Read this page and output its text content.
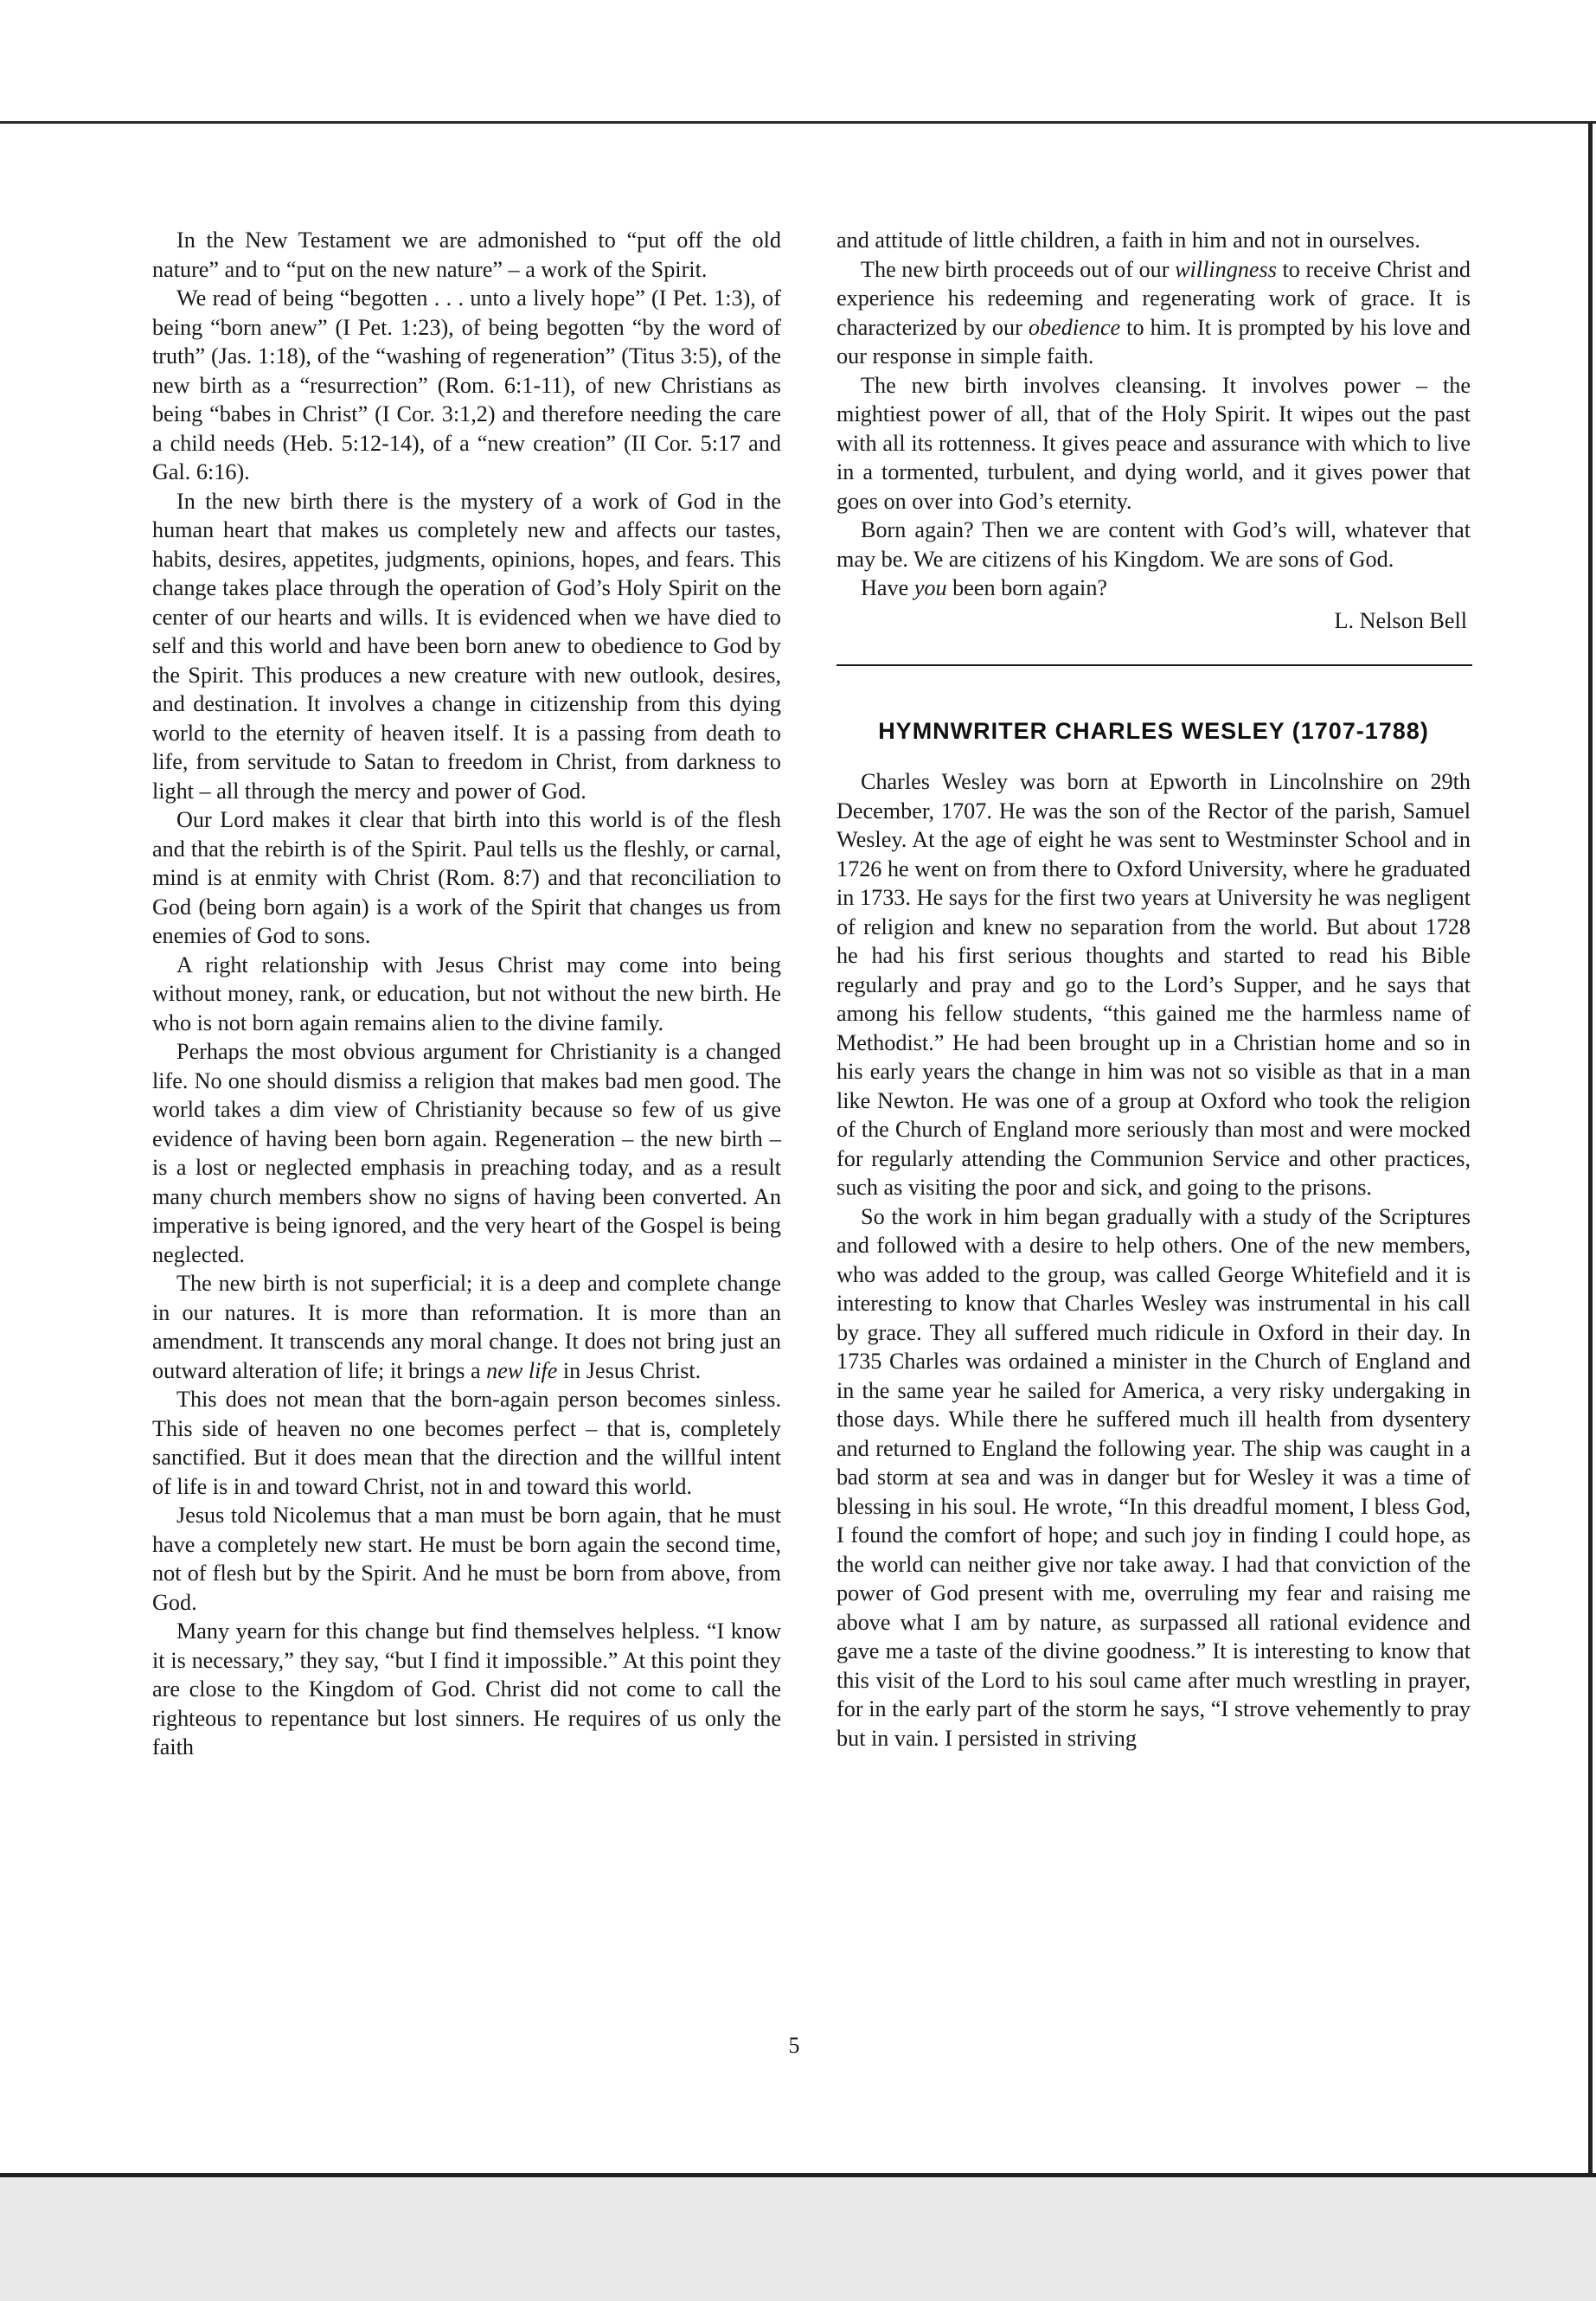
In the New Testament we are admonished to “put off the old nature” and to “put on the new nature” – a work of the Spirit.

We read of being “begotten . . . unto a lively hope” (I Pet. 1:3), of being “born anew” (I Pet. 1:23), of being begotten “by the word of truth” (Jas. 1:18), of the “washing of regeneration” (Titus 3:5), of the new birth as a “resurrection” (Rom. 6:1-11), of new Christians as being “babes in Christ” (I Cor. 3:1,2) and therefore needing the care a child needs (Heb. 5:12-14), of a “new creation” (II Cor. 5:17 and Gal. 6:16).

In the new birth there is the mystery of a work of God in the human heart that makes us completely new and affects our tastes, habits, desires, appetites, judgments, opinions, hopes, and fears. This change takes place through the operation of God’s Holy Spirit on the center of our hearts and wills. It is evidenced when we have died to self and this world and have been born anew to obedience to God by the Spirit. This produces a new creature with new outlook, desires, and destination. It involves a change in citizenship from this dying world to the eternity of heaven itself. It is a passing from death to life, from servitude to Satan to freedom in Christ, from darkness to light – all through the mercy and power of God.

Our Lord makes it clear that birth into this world is of the flesh and that the rebirth is of the Spirit. Paul tells us the fleshly, or carnal, mind is at enmity with Christ (Rom. 8:7) and that reconciliation to God (being born again) is a work of the Spirit that changes us from enemies of God to sons.

A right relationship with Jesus Christ may come into being without money, rank, or education, but not without the new birth. He who is not born again remains alien to the divine family.

Perhaps the most obvious argument for Christianity is a changed life. No one should dismiss a religion that makes bad men good. The world takes a dim view of Christianity because so few of us give evidence of having been born again. Regeneration – the new birth – is a lost or neglected emphasis in preaching today, and as a result many church members show no signs of having been converted. An imperative is being ignored, and the very heart of the Gospel is being neglected.

The new birth is not superficial; it is a deep and complete change in our natures. It is more than reformation. It is more than an amendment. It transcends any moral change. It does not bring just an outward alteration of life; it brings a new life in Jesus Christ.

This does not mean that the born-again person becomes sinless. This side of heaven no one becomes perfect – that is, completely sanctified. But it does mean that the direction and the willful intent of life is in and toward Christ, not in and toward this world.

Jesus told Nicolemus that a man must be born again, that he must have a completely new start. He must be born again the second time, not of flesh but by the Spirit. And he must be born from above, from God.

Many yearn for this change but find themselves helpless. “I know it is necessary,” they say, “but I find it impossible.” At this point they are close to the Kingdom of God. Christ did not come to call the righteous to repentance but lost sinners. He requires of us only the faith

and attitude of little children, a faith in him and not in ourselves.

The new birth proceeds out of our willingness to receive Christ and experience his redeeming and regenerating work of grace. It is characterized by our obedience to him. It is prompted by his love and our response in simple faith.

The new birth involves cleansing. It involves power – the mightiest power of all, that of the Holy Spirit. It wipes out the past with all its rottenness. It gives peace and assurance with which to live in a tormented, turbulent, and dying world, and it gives power that goes on over into God’s eternity.

Born again? Then we are content with God’s will, whatever that may be. We are citizens of his Kingdom. We are sons of God.

Have you been born again?

L. Nelson Bell
HYMNWRITER CHARLES WESLEY (1707-1788)

Charles Wesley was born at Epworth in Lincolnshire on 29th December, 1707. He was the son of the Rector of the parish, Samuel Wesley. At the age of eight he was sent to Westminster School and in 1726 he went on from there to Oxford University, where he graduated in 1733. He says for the first two years at University he was negligent of religion and knew no separation from the world. But about 1728 he had his first serious thoughts and started to read his Bible regularly and pray and go to the Lord’s Supper, and he says that among his fellow students, “this gained me the harmless name of Methodist.” He had been brought up in a Christian home and so in his early years the change in him was not so visible as that in a man like Newton. He was one of a group at Oxford who took the religion of the Church of England more seriously than most and were mocked for regularly attending the Communion Service and other practices, such as visiting the poor and sick, and going to the prisons.

So the work in him began gradually with a study of the Scriptures and followed with a desire to help others. One of the new members, who was added to the group, was called George Whitefield and it is interesting to know that Charles Wesley was instrumental in his call by grace. They all suffered much ridicule in Oxford in their day. In 1735 Charles was ordained a minister in the Church of England and in the same year he sailed for America, a very risky undergaking in those days. While there he suffered much ill health from dysentery and returned to England the following year. The ship was caught in a bad storm at sea and was in danger but for Wesley it was a time of blessing in his soul. He wrote, “In this dreadful moment, I bless God, I found the comfort of hope; and such joy in finding I could hope, as the world can neither give nor take away. I had that conviction of the power of God present with me, overruling my fear and raising me above what I am by nature, as surpassed all rational evidence and gave me a taste of the divine goodness.” It is interesting to know that this visit of the Lord to his soul came after much wrestling in prayer, for in the early part of the storm he says, “I strove vehemently to pray but in vain. I persisted in striving

5
